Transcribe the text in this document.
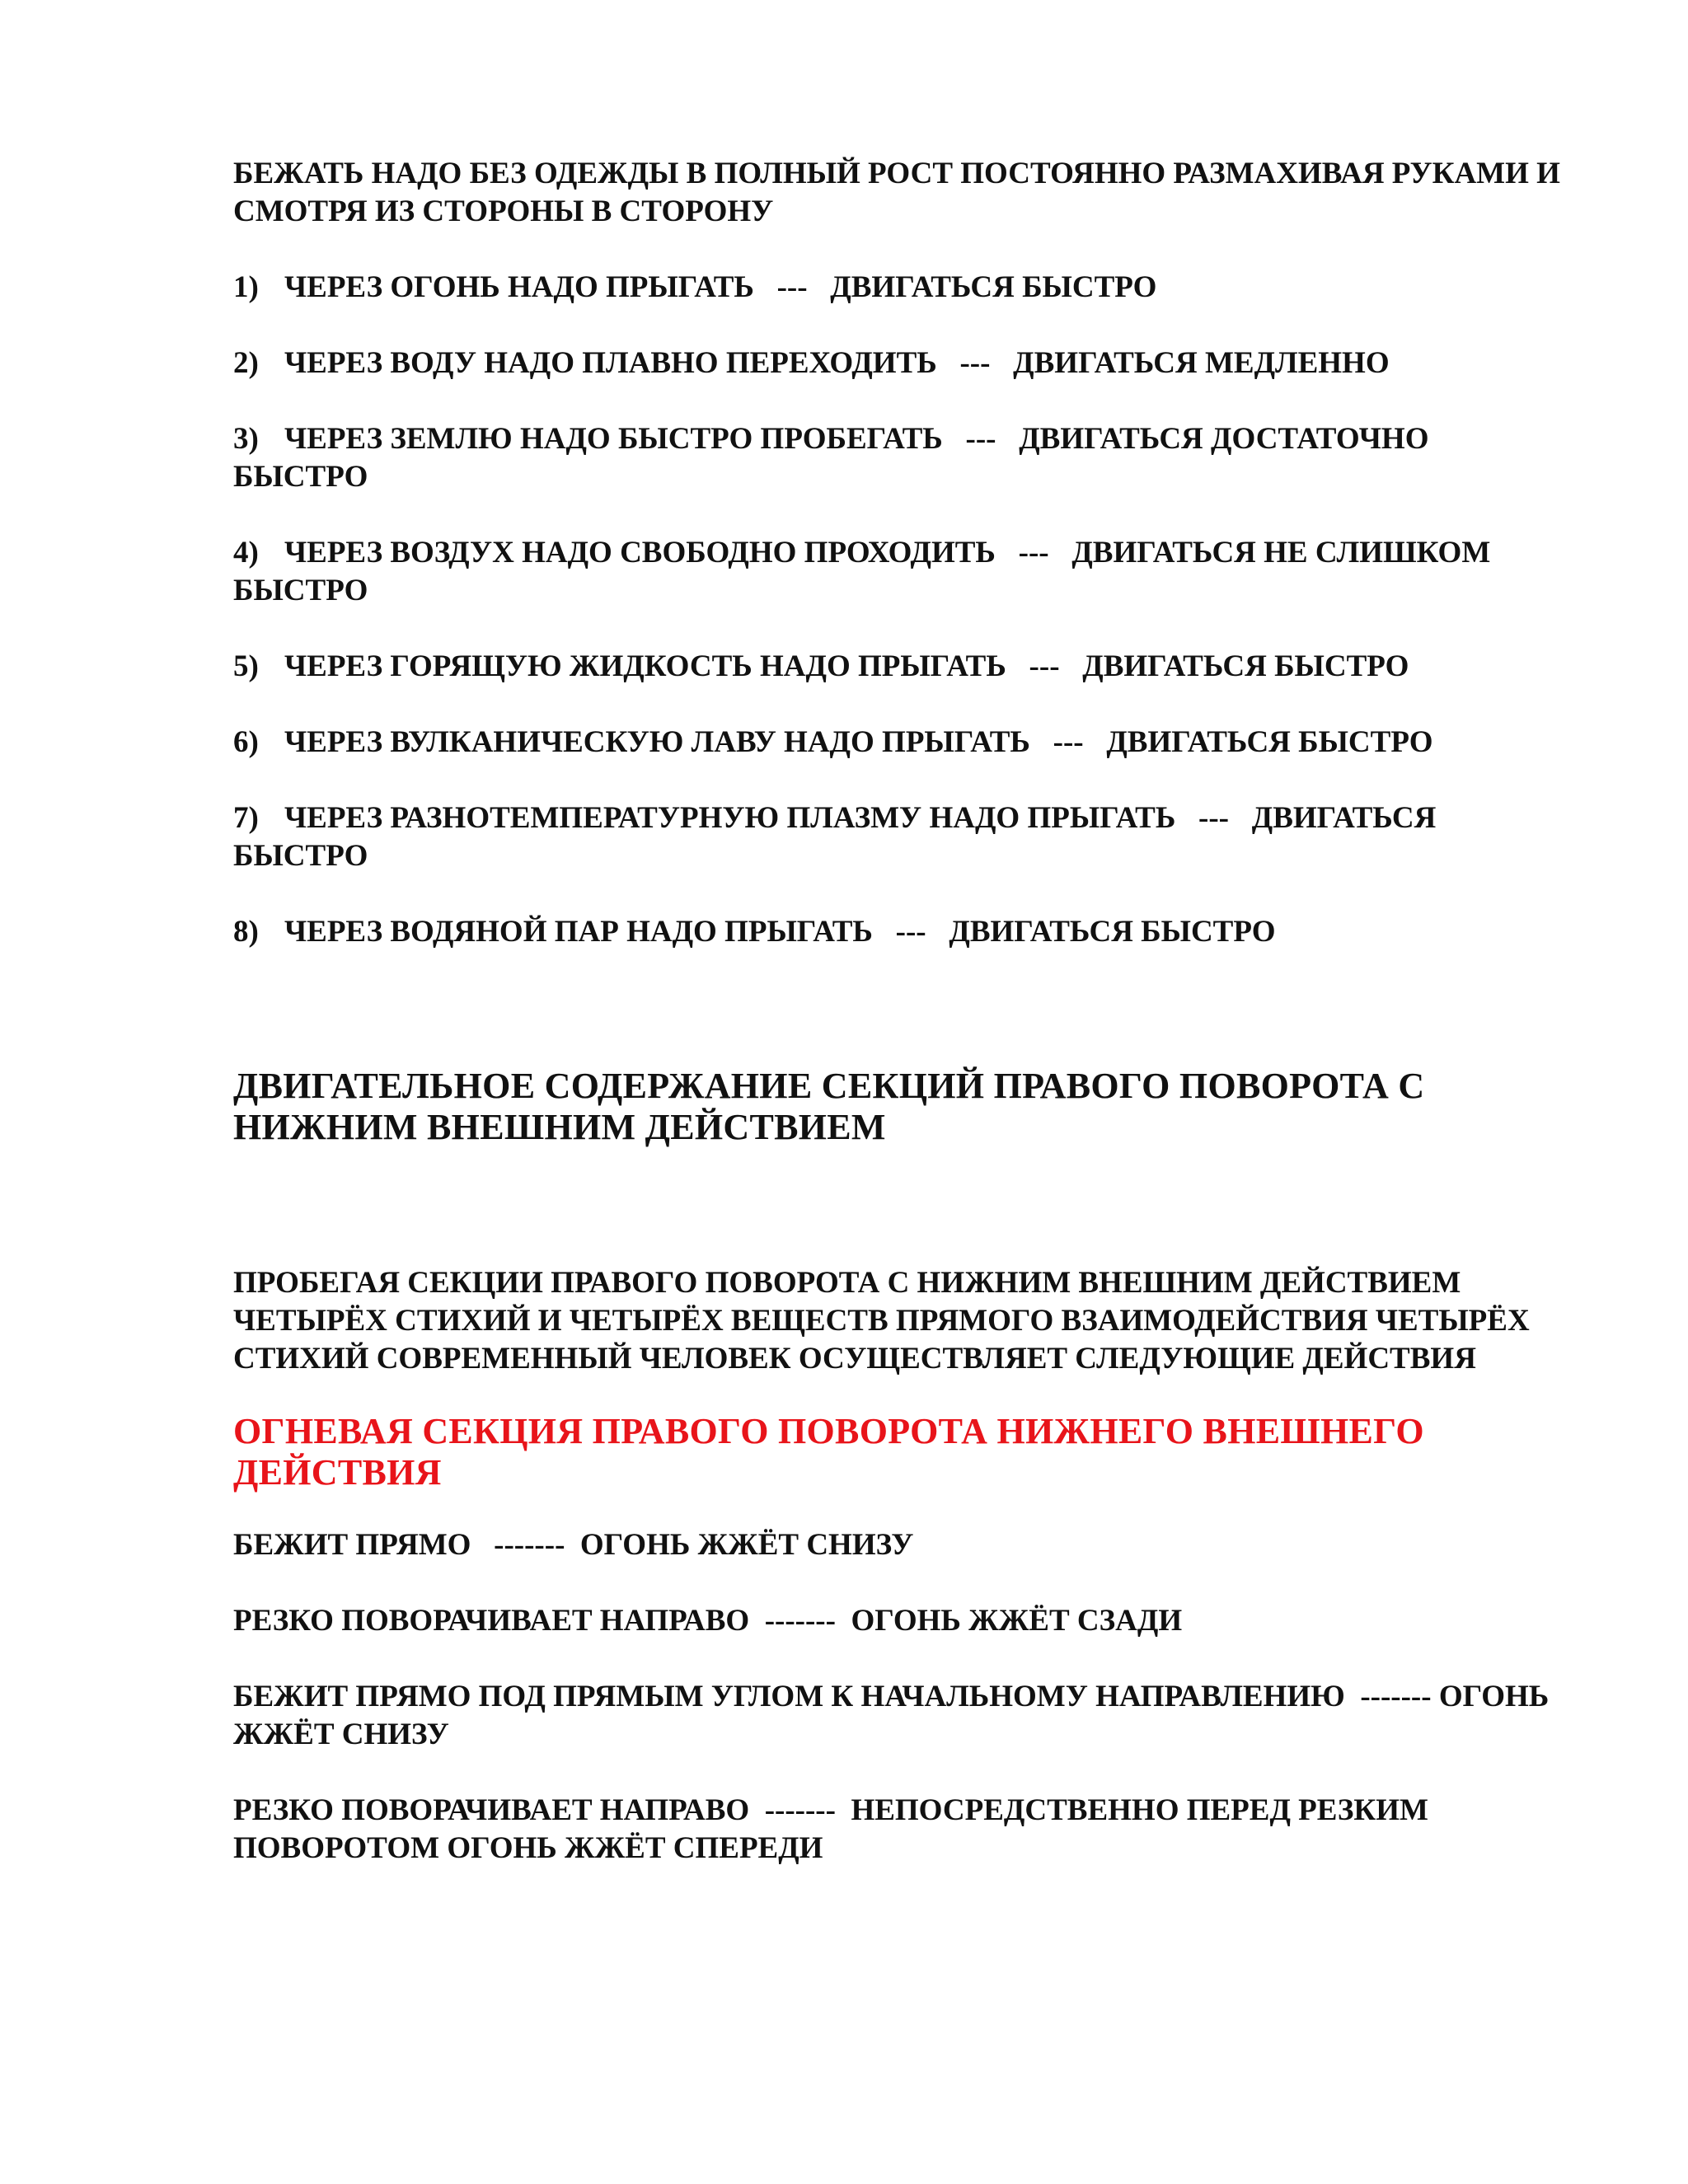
БЕЖАТЬ НАДО БЕЗ ОДЕЖДЫ В ПОЛНЫЙ РОСТ ПОСТОЯННО РАЗМАХИВАЯ РУКАМИ И СМОТРЯ ИЗ СТОРОНЫ В СТОРОНУ

1) ЧЕРЕЗ ОГОНЬ НАДО ПРЫГАТЬ   ---   ДВИГАТЬСЯ БЫСТРО

2) ЧЕРЕЗ ВОДУ НАДО ПЛАВНО ПЕРЕХОДИТЬ   ---   ДВИГАТЬСЯ МЕДЛЕННО

3) ЧЕРЕЗ ЗЕМЛЮ НАДО БЫСТРО ПРОБЕГАТЬ   ---   ДВИГАТЬСЯ ДОСТАТОЧНО БЫСТРО

4) ЧЕРЕЗ ВОЗДУХ НАДО СВОБОДНО ПРОХОДИТЬ   ---   ДВИГАТЬСЯ НЕ СЛИШКОМ БЫСТРО

5) ЧЕРЕЗ ГОРЯЩУЮ ЖИДКОСТЬ НАДО ПРЫГАТЬ   ---   ДВИГАТЬСЯ БЫСТРО

6) ЧЕРЕЗ ВУЛКАНИЧЕСКУЮ ЛАВУ НАДО ПРЫГАТЬ   ---   ДВИГАТЬСЯ БЫСТРО

7) ЧЕРЕЗ РАЗНОТЕМПЕРАТУРНУЮ ПЛАЗМУ НАДО ПРЫГАТЬ   ---   ДВИГАТЬСЯ БЫСТРО

8) ЧЕРЕЗ ВОДЯНОЙ ПАР НАДО ПРЫГАТЬ   ---   ДВИГАТЬСЯ БЫСТРО

ДВИГАТЕЛЬНОЕ СОДЕРЖАНИЕ СЕКЦИЙ ПРАВОГО ПОВОРОТА С НИЖНИМ ВНЕШНИМ ДЕЙСТВИЕМ

ПРОБЕГАЯ СЕКЦИИ ПРАВОГО ПОВОРОТА С НИЖНИМ ВНЕШНИМ ДЕЙСТВИЕМ ЧЕТЫРЁХ СТИХИЙ И ЧЕТЫРЁХ ВЕЩЕСТВ ПРЯМОГО ВЗАИМОДЕЙСТВИЯ ЧЕТЫРЁХ СТИХИЙ СОВРЕМЕННЫЙ ЧЕЛОВЕК ОСУЩЕСТВЛЯЕТ СЛЕДУЮЩИЕ ДЕЙСТВИЯ

ОГНЕВАЯ СЕКЦИЯ ПРАВОГО ПОВОРОТА НИЖНЕГО ВНЕШНЕГО ДЕЙСТВИЯ

БЕЖИТ ПРЯМО   -------  ОГОНЬ ЖЖЁТ СНИЗУ

РЕЗКО ПОВОРАЧИВАЕТ НАПРАВО  -------  ОГОНЬ ЖЖЁТ СЗАДИ

БЕЖИТ ПРЯМО ПОД ПРЯМЫМ УГЛОМ К НАЧАЛЬНОМУ НАПРАВЛЕНИЮ  ------- ОГОНЬ ЖЖЁТ СНИЗУ

РЕЗКО ПОВОРАЧИВАЕТ НАПРАВО  -------  НЕПОСРЕДСТВЕННО ПЕРЕД РЕЗКИМ ПОВОРОТОМ ОГОНЬ ЖЖЁТ СПЕРЕДИ
